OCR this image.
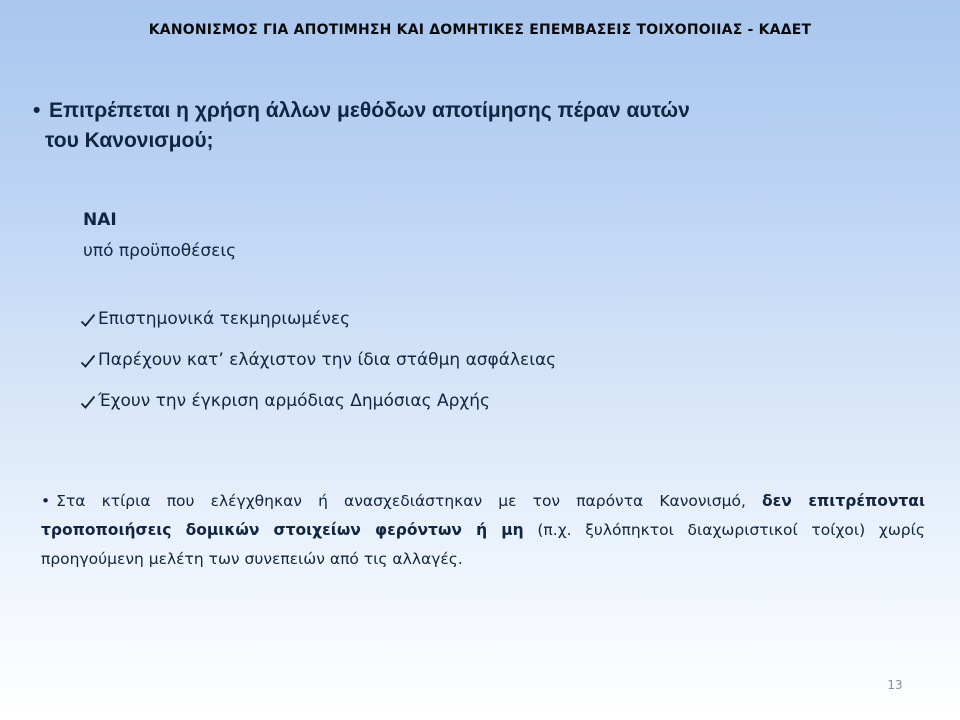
ΚΑΝΟΝΙΣΜΟΣ ΓΙΑ ΑΠΟΤΙΜΗΣΗ ΚΑΙ ΔΟΜΗΤΙΚΕΣ ΕΠΕΜΒΑΣΕΙΣ ΤΟΙΧΟΠΟΙΙΑΣ - ΚΑΔΕΤ
• Επιτρέπεται η χρήση άλλων μεθόδων αποτίμησης πέραν αυτών
του Κανονισμού;
ΝΑΙ
υπό προϋποθέσεις
Επιστημονικά τεκμηριωμένες
Παρέχουν κατ’ ελάχιστον την ίδια στάθμη ασφάλειας
Έχουν την έγκριση αρμόδιας Δημόσιας Αρχής
• Στα κτίρια που ελέγχθηκαν ή ανασχεδιάστηκαν με τον παρόντα Κανονισμό, δεν επιτρέπονται τροποποιήσεις δομικών στοιχείων φερόντων ή μη (π.χ. ξυλόπηκτοι διαχωριστικοί τοίχοι) χωρίς προηγούμενη μελέτη των συνεπειών από τις αλλαγές.
13
